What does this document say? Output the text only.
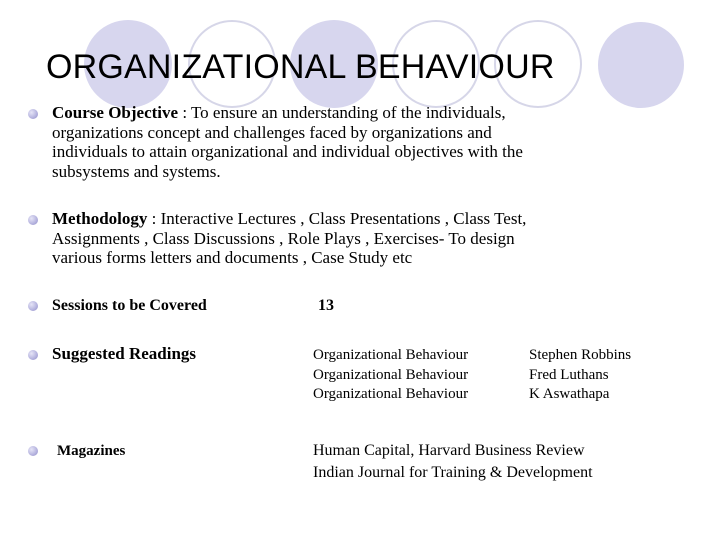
ORGANIZATIONAL BEHAVIOUR
Course Objective : To ensure an understanding of the individuals,
organizations concept and challenges faced by organizations and
individuals to attain organizational and individual objectives with the
subsystems and systems.
Methodology : Interactive Lectures , Class Presentations , Class Test,
Assignments , Class Discussions , Role Plays , Exercises- To design
various forms letters and documents , Case Study etc
Sessions to be Covered	13
Suggested Readings	Organizational Behaviour	Stephen Robbins
Organizational Behaviour	Fred Luthans
Organizational Behaviour	K Aswathapa
Magazines	Human Capital, Harvard Business Review
Indian Journal for Training & Development
